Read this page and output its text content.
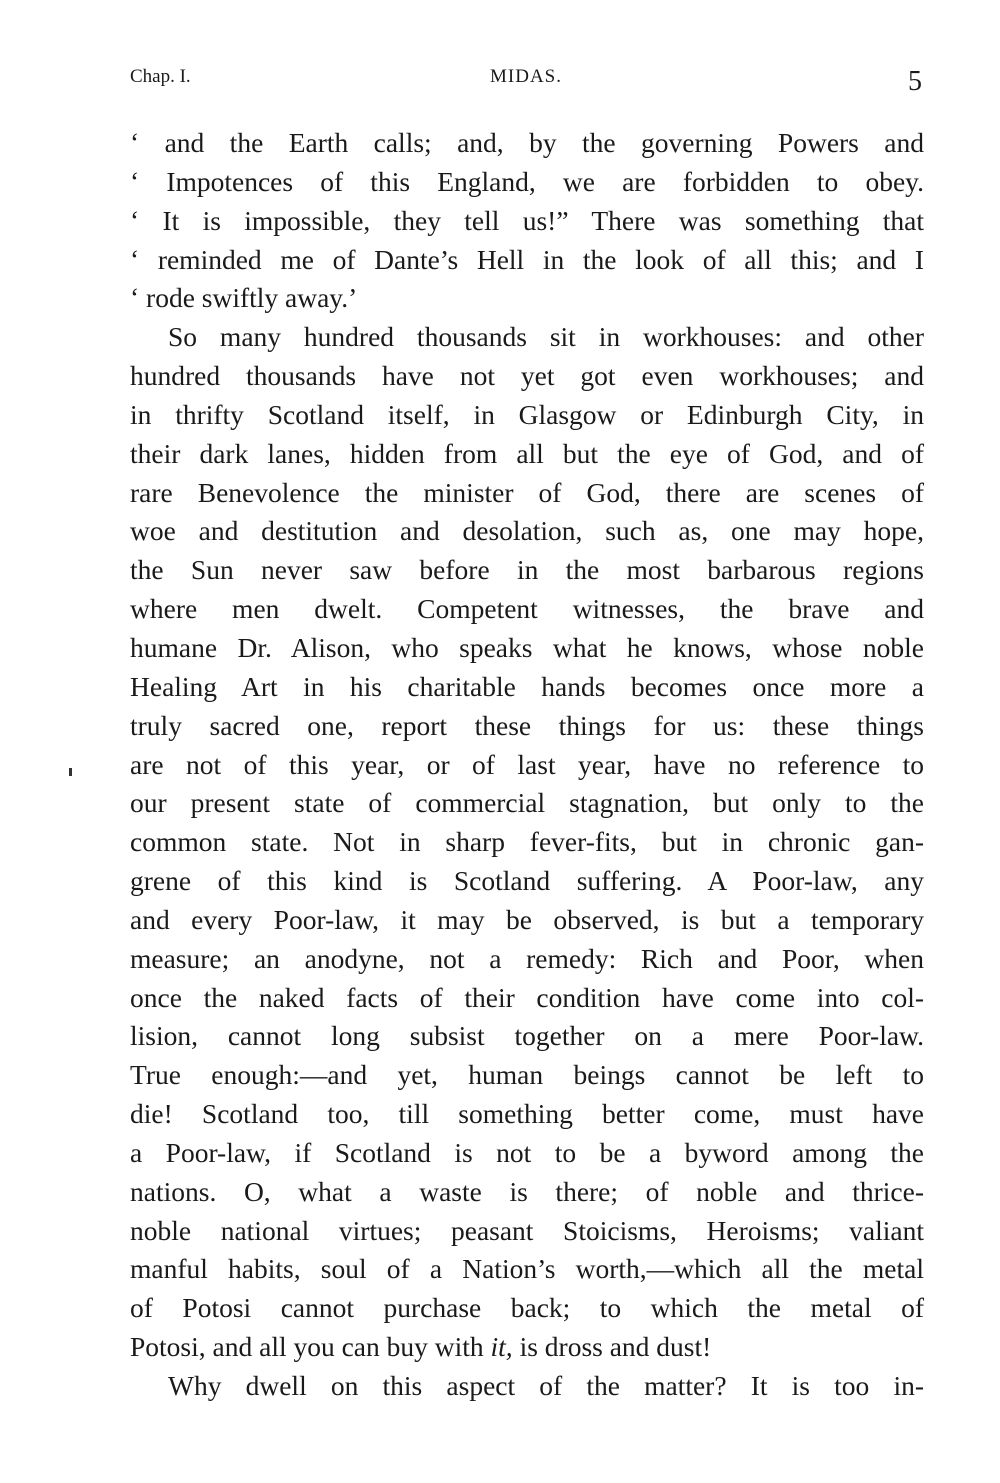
Chap. I.	MIDAS.	5
‘ and the Earth calls; and, by the governing Powers and
‘ Impotences of this England, we are forbidden to obey.
‘ It is impossible, they tell us!” There was something that
‘ reminded me of Dante’s Hell in the look of all this; and I
‘ rode swiftly away.’
So many hundred thousands sit in workhouses: and other
hundred thousands have not yet got even workhouses; and
in thrifty Scotland itself, in Glasgow or Edinburgh City, in
their dark lanes, hidden from all but the eye of God, and of
rare Benevolence the minister of God, there are scenes of
woe and destitution and desolation, such as, one may hope,
the Sun never saw before in the most barbarous regions
where men dwelt. Competent witnesses, the brave and
humane Dr. Alison, who speaks what he knows, whose noble
Healing Art in his charitable hands becomes once more a
truly sacred one, report these things for us: these things
are not of this year, or of last year, have no reference to
our present state of commercial stagnation, but only to the
common state. Not in sharp fever-fits, but in chronic gan-
grene of this kind is Scotland suffering. A Poor-law, any
and every Poor-law, it may be observed, is but a temporary
measure; an anodyne, not a remedy: Rich and Poor, when
once the naked facts of their condition have come into col-
lision, cannot long subsist together on a mere Poor-law.
True enough:—and yet, human beings cannot be left to
die! Scotland too, till something better come, must have
a Poor-law, if Scotland is not to be a byword among the
nations. O, what a waste is there; of noble and thrice-
noble national virtues; peasant Stoicisms, Heroisms; valiant
manful habits, soul of a Nation’s worth,—which all the metal
of Potosi cannot purchase back; to which the metal of
Potosi, and all you can buy with it, is dross and dust!
Why dwell on this aspect of the matter? It is too in-
